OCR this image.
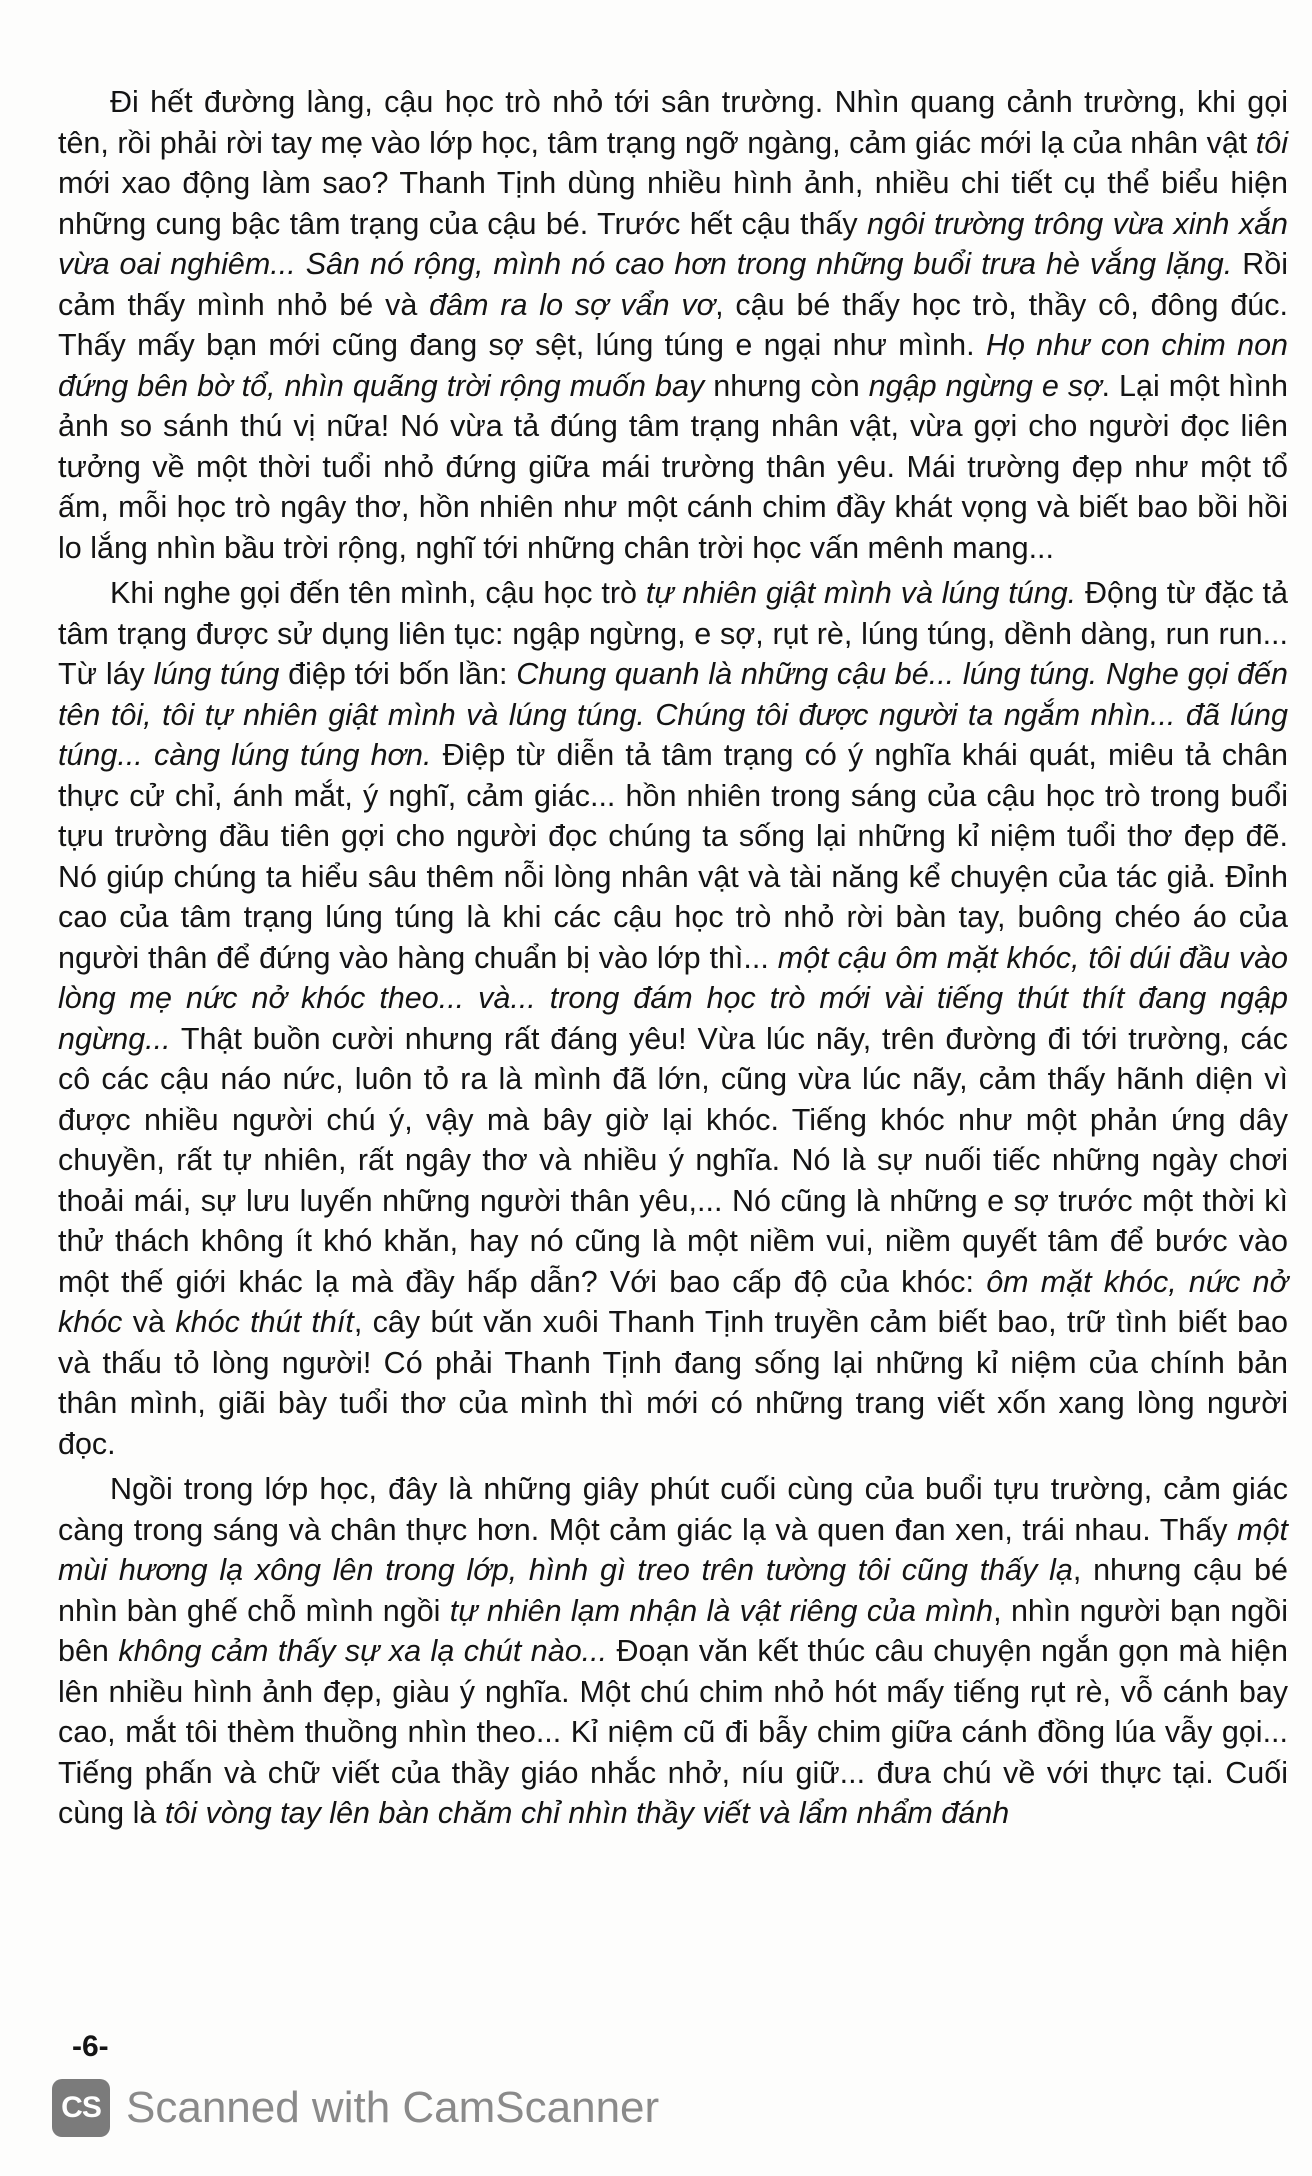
Đi hết đường làng, cậu học trò nhỏ tới sân trường. Nhìn quang cảnh trường, khi gọi tên, rồi phải rời tay mẹ vào lớp học, tâm trạng ngỡ ngàng, cảm giác mới lạ của nhân vật tôi mới xao động làm sao? Thanh Tịnh dùng nhiều hình ảnh, nhiều chi tiết cụ thể biểu hiện những cung bậc tâm trạng của cậu bé. Trước hết cậu thấy ngôi trường trông vừa xinh xắn vừa oai nghiêm... Sân nó rộng, mình nó cao hơn trong những buổi trưa hè vắng lặng. Rồi cảm thấy mình nhỏ bé và đâm ra lo sợ vẩn vơ, cậu bé thấy học trò, thầy cô, đông đúc. Thấy mấy bạn mới cũng đang sợ sệt, lúng túng e ngại như mình. Họ như con chim non đứng bên bờ tổ, nhìn quãng trời rộng muốn bay nhưng còn ngập ngừng e sợ. Lại một hình ảnh so sánh thú vị nữa! Nó vừa tả đúng tâm trạng nhân vật, vừa gợi cho người đọc liên tưởng về một thời tuổi nhỏ đứng giữa mái trường thân yêu. Mái trường đẹp như một tổ ấm, mỗi học trò ngây thơ, hồn nhiên như một cánh chim đầy khát vọng và biết bao bồi hồi lo lắng nhìn bầu trời rộng, nghĩ tới những chân trời học vấn mênh mang...

Khi nghe gọi đến tên mình, cậu học trò tự nhiên giật mình và lúng túng. Động từ đặc tả tâm trạng được sử dụng liên tục: ngập ngừng, e sợ, rụt rè, lúng túng, dềnh dàng, run run... Từ láy lúng túng điệp tới bốn lần: Chung quanh là những cậu bé... lúng túng. Nghe gọi đến tên tôi, tôi tự nhiên giật mình và lúng túng. Chúng tôi được người ta ngắm nhìn... đã lúng túng... càng lúng túng hơn. Điệp từ diễn tả tâm trạng có ý nghĩa khái quát, miêu tả chân thực cử chỉ, ánh mắt, ý nghĩ, cảm giác... hồn nhiên trong sáng của cậu học trò trong buổi tựu trường đầu tiên gợi cho người đọc chúng ta sống lại những kỉ niệm tuổi thơ đẹp đẽ. Nó giúp chúng ta hiểu sâu thêm nỗi lòng nhân vật và tài năng kể chuyện của tác giả. Đỉnh cao của tâm trạng lúng túng là khi các cậu học trò nhỏ rời bàn tay, buông chéo áo của người thân để đứng vào hàng chuẩn bị vào lớp thì... một cậu ôm mặt khóc, tôi dúi đầu vào lòng mẹ nức nở khóc theo... và... trong đám học trò mới vài tiếng thút thít đang ngập ngừng... Thật buồn cười nhưng rất đáng yêu! Vừa lúc nãy, trên đường đi tới trường, các cô các cậu náo nức, luôn tỏ ra là mình đã lớn, cũng vừa lúc nãy, cảm thấy hãnh diện vì được nhiều người chú ý, vậy mà bây giờ lại khóc. Tiếng khóc như một phản ứng dây chuyền, rất tự nhiên, rất ngây thơ và nhiều ý nghĩa. Nó là sự nuối tiếc những ngày chơi thoải mái, sự lưu luyến những người thân yêu,... Nó cũng là những e sợ trước một thời kì thử thách không ít khó khăn, hay nó cũng là một niềm vui, niềm quyết tâm để bước vào một thế giới khác lạ mà đầy hấp dẫn? Với bao cấp độ của khóc: ôm mặt khóc, nức nở khóc và khóc thút thít, cây bút văn xuôi Thanh Tịnh truyền cảm biết bao, trữ tình biết bao và thấu tỏ lòng người! Có phải Thanh Tịnh đang sống lại những kỉ niệm của chính bản thân mình, giãi bày tuổi thơ của mình thì mới có những trang viết xốn xang lòng người đọc.

Ngồi trong lớp học, đây là những giây phút cuối cùng của buổi tựu trường, cảm giác càng trong sáng và chân thực hơn. Một cảm giác lạ và quen đan xen, trái nhau. Thấy một mùi hương lạ xông lên trong lớp, hình gì treo trên tường tôi cũng thấy lạ, nhưng cậu bé nhìn bàn ghế chỗ mình ngồi tự nhiên lạm nhận là vật riêng của mình, nhìn người bạn ngồi bên không cảm thấy sự xa lạ chút nào... Đoạn văn kết thúc câu chuyện ngắn gọn mà hiện lên nhiều hình ảnh đẹp, giàu ý nghĩa. Một chú chim nhỏ hót mấy tiếng rụt rè, vỗ cánh bay cao, mắt tôi thèm thuồng nhìn theo... Kỉ niệm cũ đi bẫy chim giữa cánh đồng lúa vẫy gọi... Tiếng phấn và chữ viết của thầy giáo nhắc nhở, níu giữ... đưa chú về với thực tại. Cuối cùng là tôi vòng tay lên bàn chăm chỉ nhìn thầy viết và lẩm nhẩm đánh

-6-
CS Scanned with CamScanner
